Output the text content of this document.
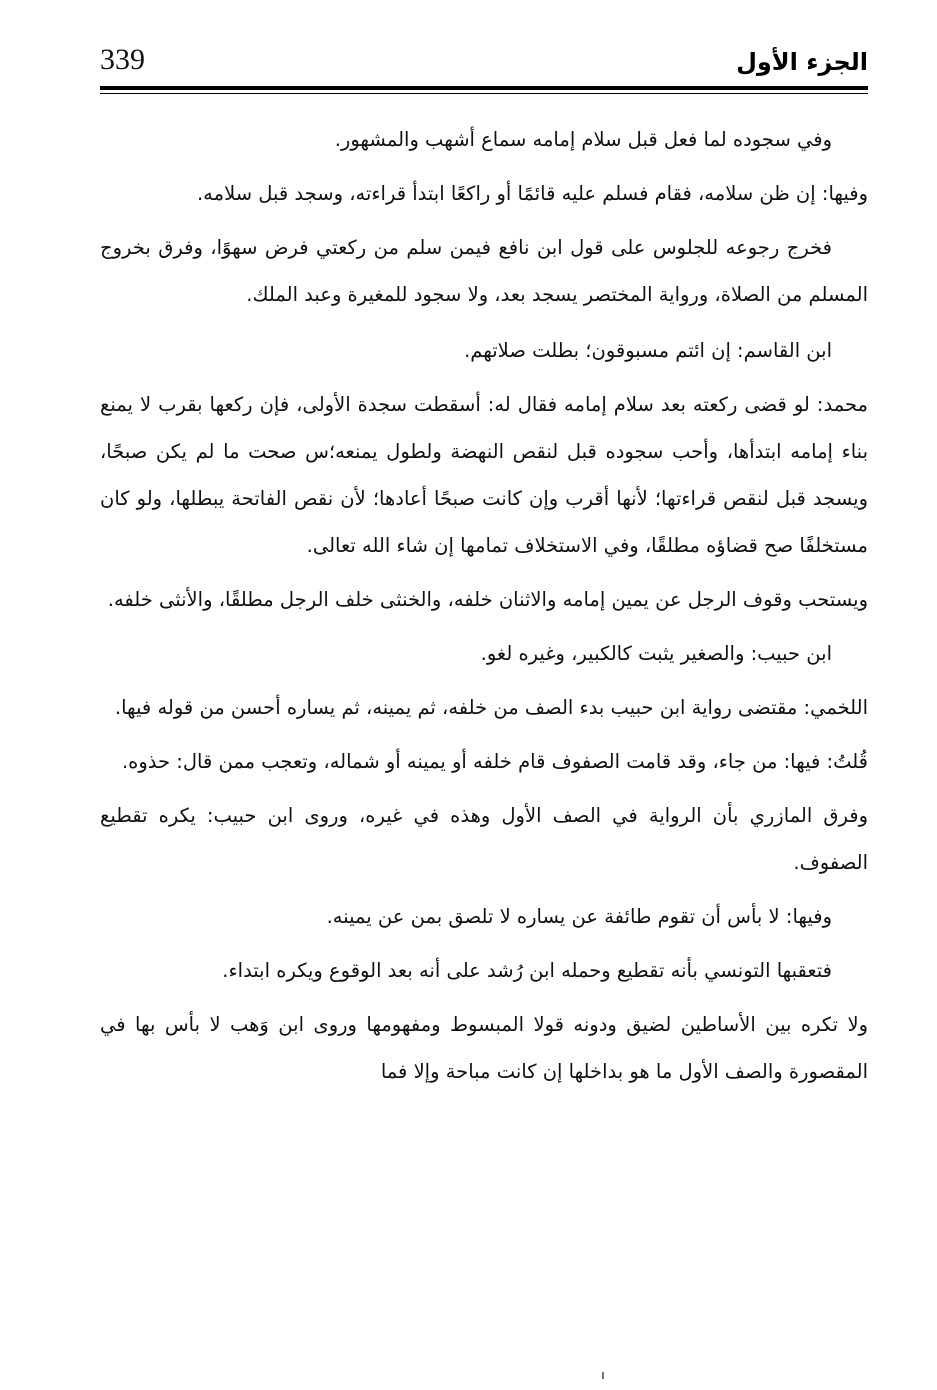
339	الجزء الأول

وفي سجوده لما فعل قبل سلام إمامه سماع أشهب والمشهور.

وفيها: إن ظن سلامه، فقام فسلم عليه قائمًا أو راكعًا ابتدأ قراءته، وسجد قبل سلامه.

فخرج رجوعه للجلوس على قول ابن نافع فيمن سلم من ركعتي فرض سهوًا، وفرق بخروج المسلم من الصلاة، ورواية المختصر يسجد بعد، ولا سجود للمغيرة وعبد الملك.

ابن القاسم: إن ائتم مسبوقون؛ بطلت صلاتهم.

محمد: لو قضى ركعته بعد سلام إمامه فقال له: أسقطت سجدة الأولى، فإن ركعها بقرب لا يمنع بناء إمامه ابتدأها، وأحب سجوده قبل لنقص النهضة ولطول يمنعه؛س صحت ما لم يكن صبحًا، ويسجد قبل لنقص قراءتها؛ لأنها أقرب وإن كانت صبحًا أعادها؛ لأن نقص الفاتحة يبطلها، ولو كان مستخلفًا صح قضاؤه مطلقًا، وفي الاستخلاف تمامها إن شاء الله تعالى.

ويستحب وقوف الرجل عن يمين إمامه والاثنان خلفه، والخنثى خلف الرجل مطلقًا، والأنثى خلفه.

ابن حبيب: والصغير يثبت كالكبير، وغيره لغو.

اللخمي: مقتضى رواية ابن حبيب بدء الصف من خلفه، ثم يمينه، ثم يساره أحسن من قوله فيها.

قُلتُ: فيها: من جاء، وقد قامت الصفوف قام خلفه أو يمينه أو شماله، وتعجب ممن قال: حذوه.

وفرق المازري بأن الرواية في الصف الأول وهذه في غيره، وروى ابن حبيب: يكره تقطيع الصفوف.

وفيها: لا بأس أن تقوم طائفة عن يساره لا تلصق بمن عن يمينه.

فتعقبها التونسي بأنه تقطيع وحمله ابن رُشد على أنه بعد الوقوع ويكره ابتداء.

ولا تكره بين الأساطين لضيق ودونه قولا المبسوط ومفهومها وروى ابن وَهب لا بأس بها في المقصورة والصف الأول ما هو بداخلها إن كانت مباحة وإلا فما
